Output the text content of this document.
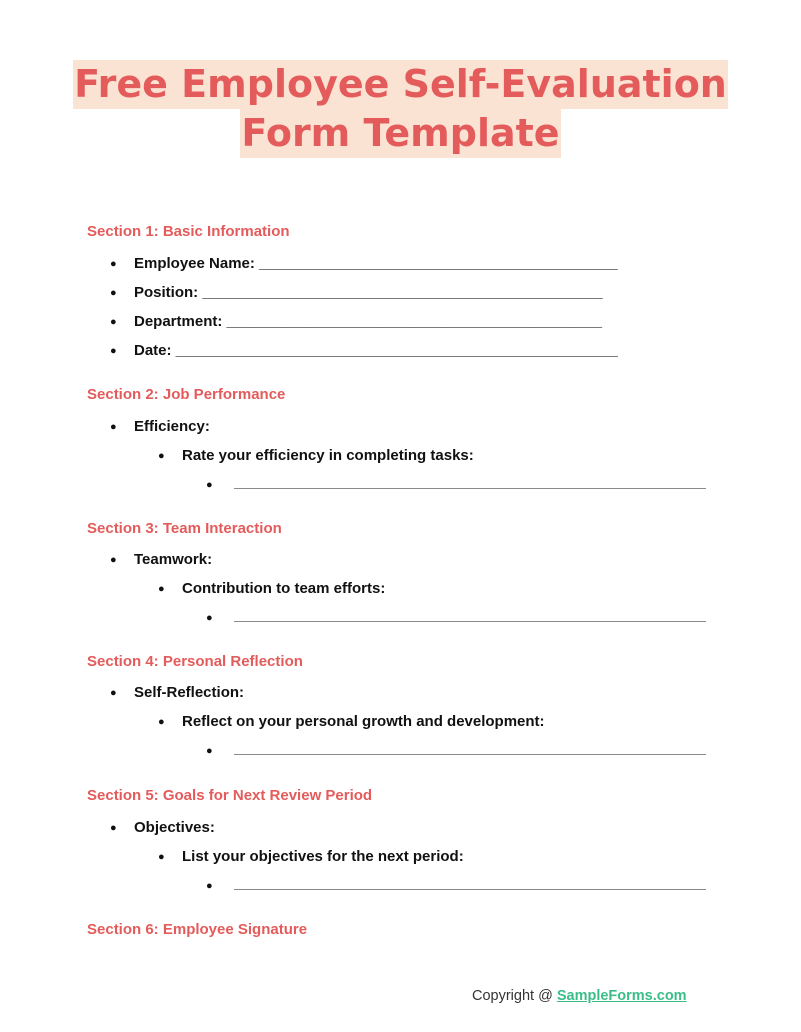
Free Employee Self-Evaluation
Form Template
Section 1: Basic Information
● Employee Name: ___________________________________________
● Position: ________________________________________________
● Department: _____________________________________________
● Date: _____________________________________________________
Section 2: Job Performance
● Efficiency:
● Rate your efficiency in completing tasks:
●
Section 3: Team Interaction
● Teamwork:
● Contribution to team efforts:
●
Section 4: Personal Reflection
● Self-Reflection:
● Reflect on your personal growth and development:
●
Section 5: Goals for Next Review Period
● Objectives:
● List your objectives for the next period:
●
Section 6: Employee Signature
Copyright @ SampleForms.com
